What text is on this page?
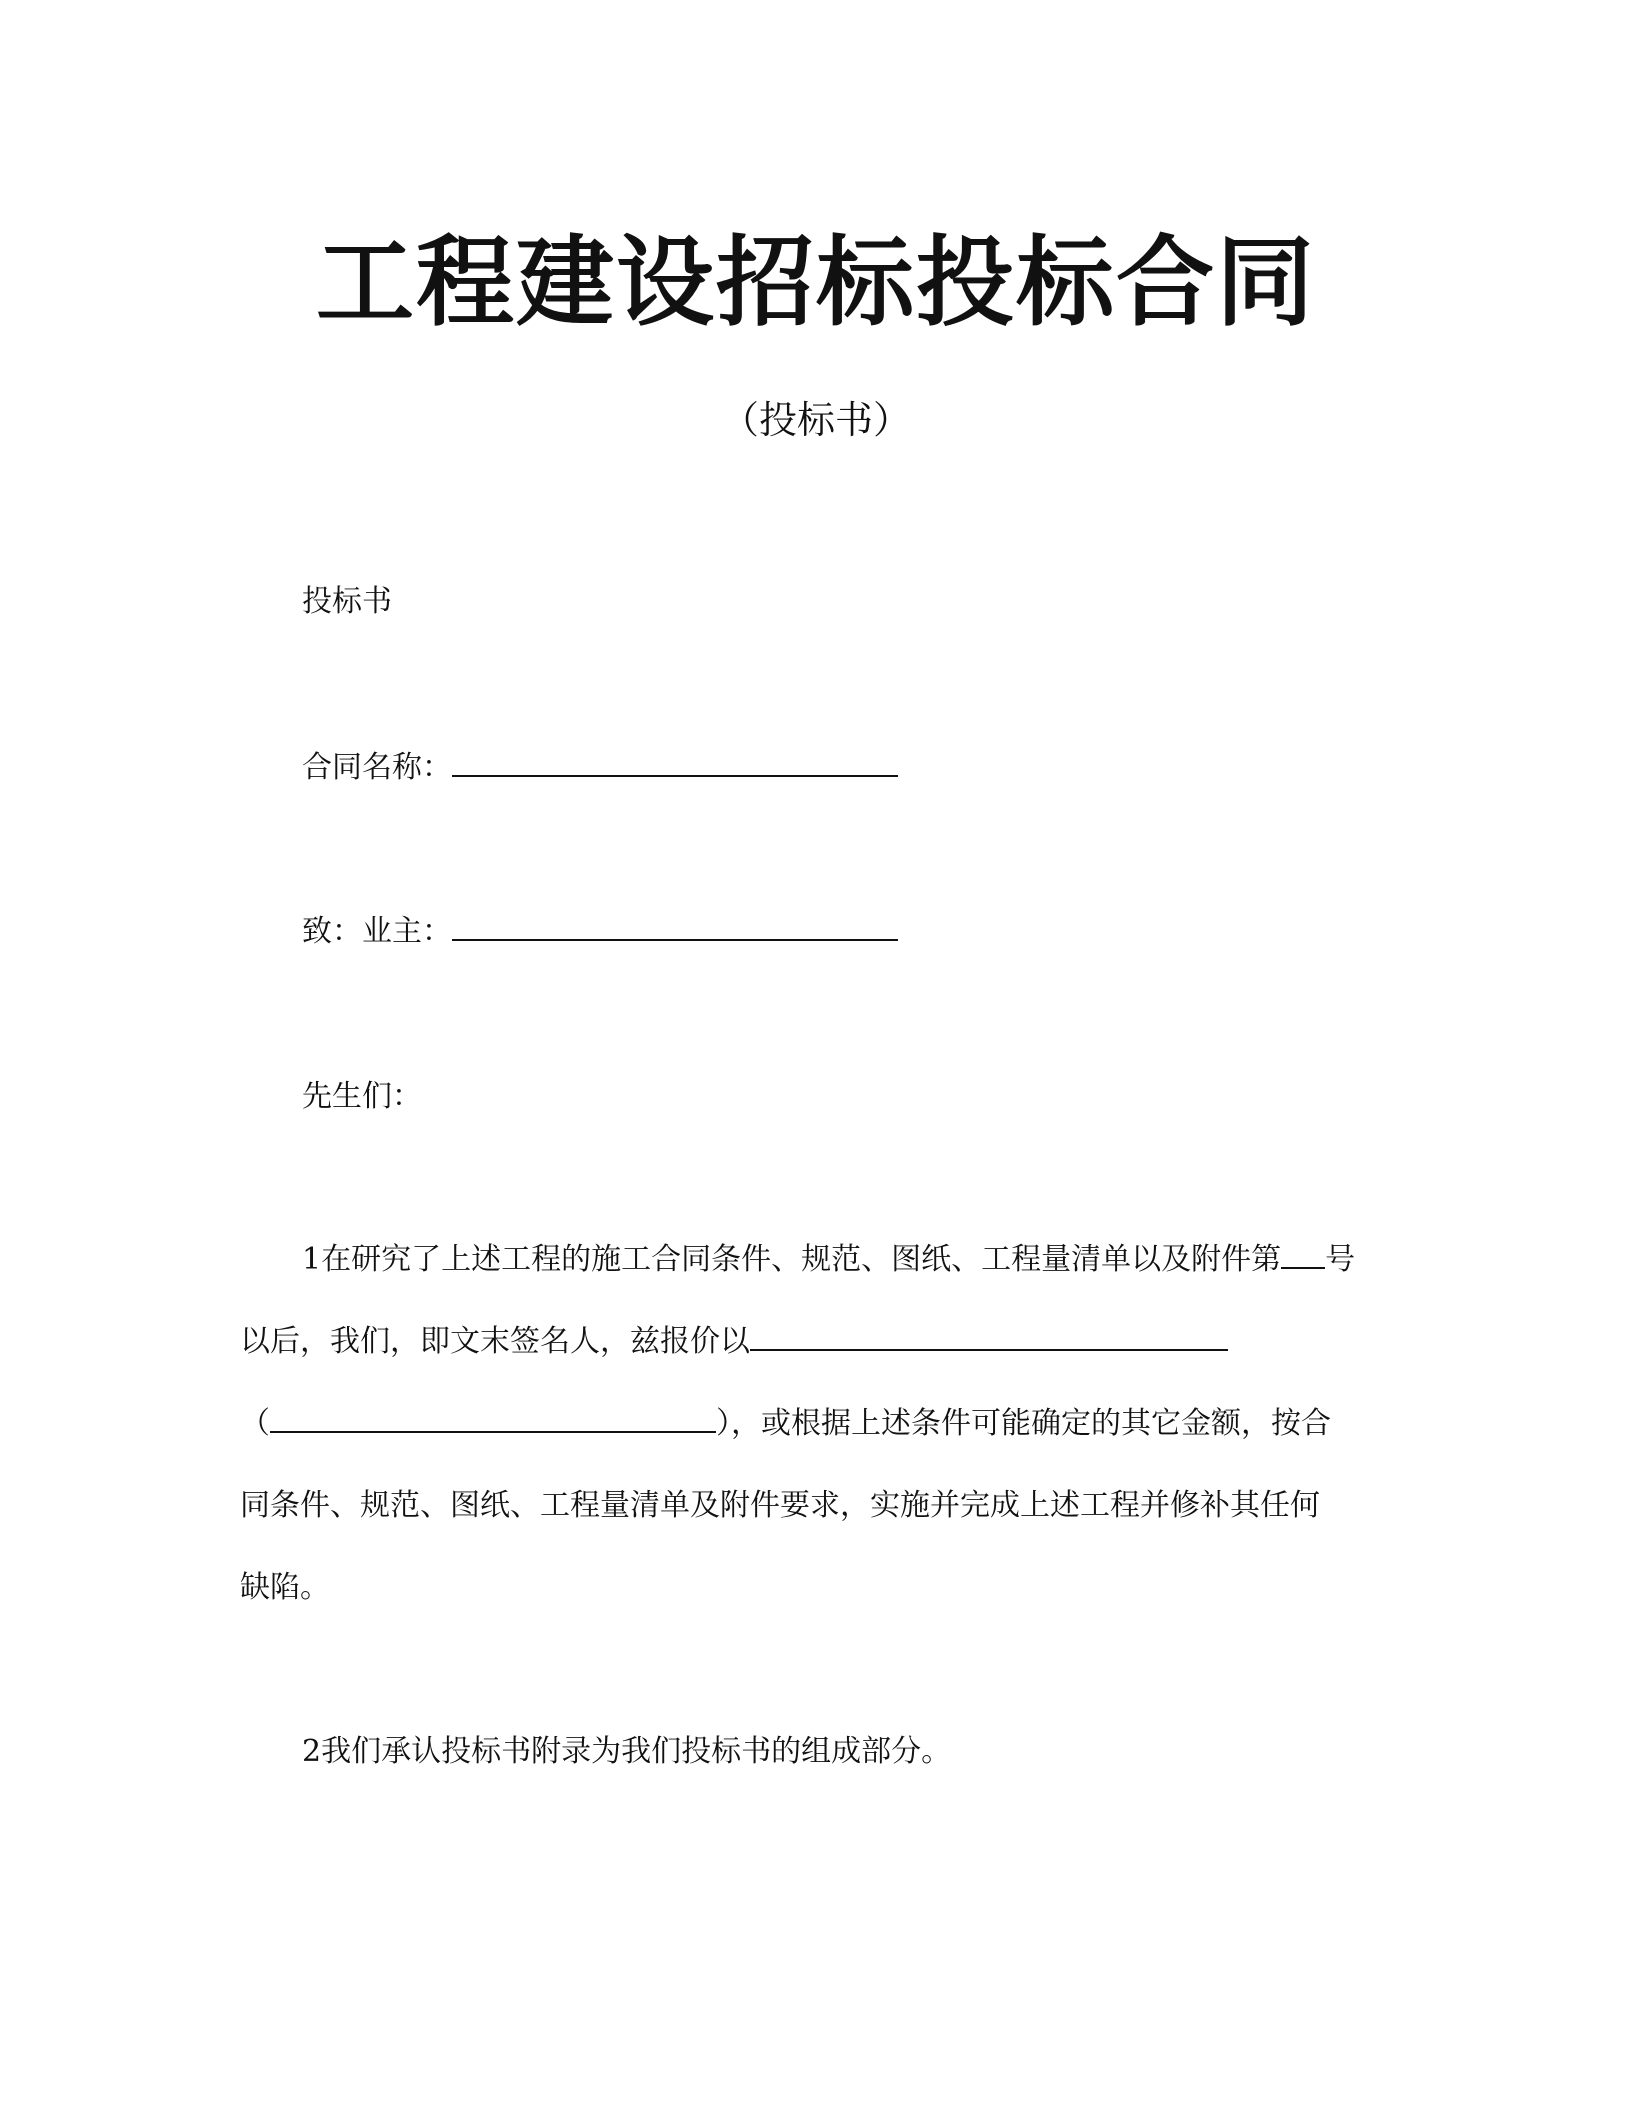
工程建设招标投标合同
（投标书）
投标书
合同名称：
致：业主：
先生们：
1在研究了上述工程的施工合同条件、规范、图纸、工程量清单以及附件第 号
以后，我们，即文末签名人，兹报价以
（	），或根据上述条件可能确定的其它金额，按合
同条件、规范、图纸、工程量清单及附件要求，实施并完成上述工程并修补其任何
缺陷。
2我们承认投标书附录为我们投标书的组成部分。
